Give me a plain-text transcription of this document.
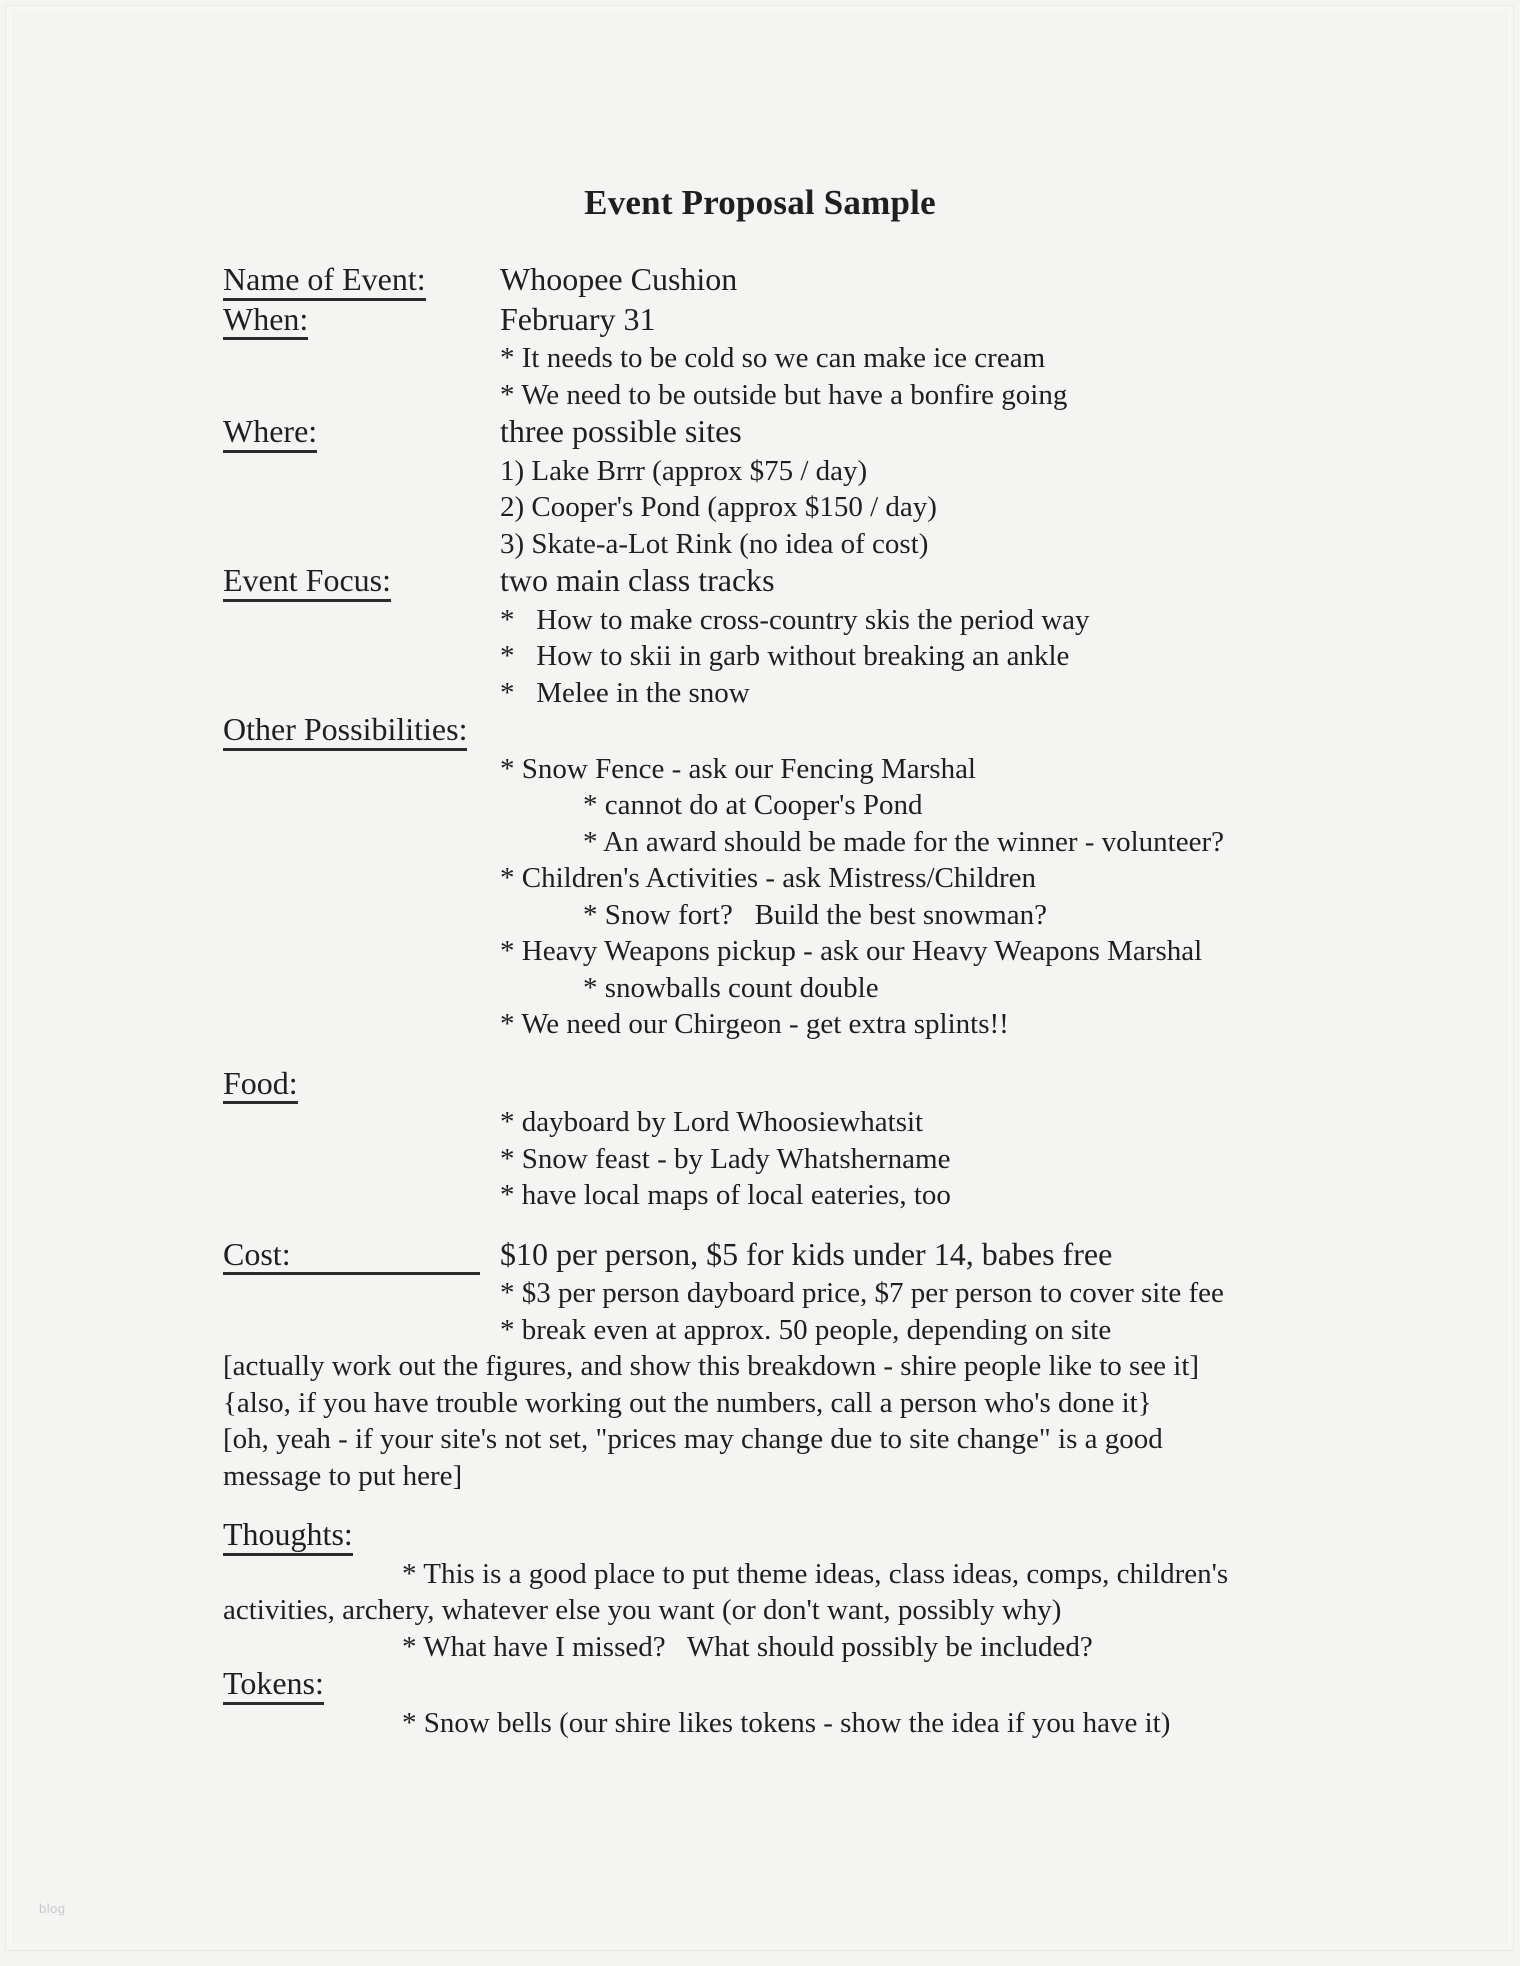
Event Proposal Sample
Name of Event:	Whoopee Cushion
When:	February 31
* It needs to be cold so we can make ice cream
* We need to be outside but have a bonfire going
Where:	three possible sites
1) Lake Brrr (approx $75 / day)
2) Cooper's Pond (approx $150 / day)
3) Skate-a-Lot Rink (no idea of cost)
Event Focus:	two main class tracks
*   How to make cross-country skis the period way
*   How to skii in garb without breaking an ankle
*   Melee in the snow
Other Possibilities:
* Snow Fence - ask our Fencing Marshal
* cannot do at Cooper's Pond
* An award should be made for the winner - volunteer?
* Children's Activities - ask Mistress/Children
* Snow fort?   Build the best snowman?
* Heavy Weapons pickup - ask our Heavy Weapons Marshal
* snowballs count double
* We need our Chirgeon - get extra splints!!
Food:
* dayboard by Lord Whoosiewhatsit
* Snow feast - by Lady Whatshername
* have local maps of local eateries, too
Cost:	$10 per person, $5 for kids under 14, babes free
* $3 per person dayboard price, $7 per person to cover site fee
* break even at approx. 50 people, depending on site
[actually work out the figures, and show this breakdown - shire people like to see it]
{also, if you have trouble working out the numbers, call a person who's done it}
[oh, yeah - if your site's not set, "prices may change due to site change" is a good
message to put here]
Thoughts:
* This is a good place to put theme ideas, class ideas, comps, children's
activities, archery, whatever else you want (or don't want, possibly why)
* What have I missed?   What should possibly be included?
Tokens:
* Snow bells (our shire likes tokens - show the idea if you have it)
blog
